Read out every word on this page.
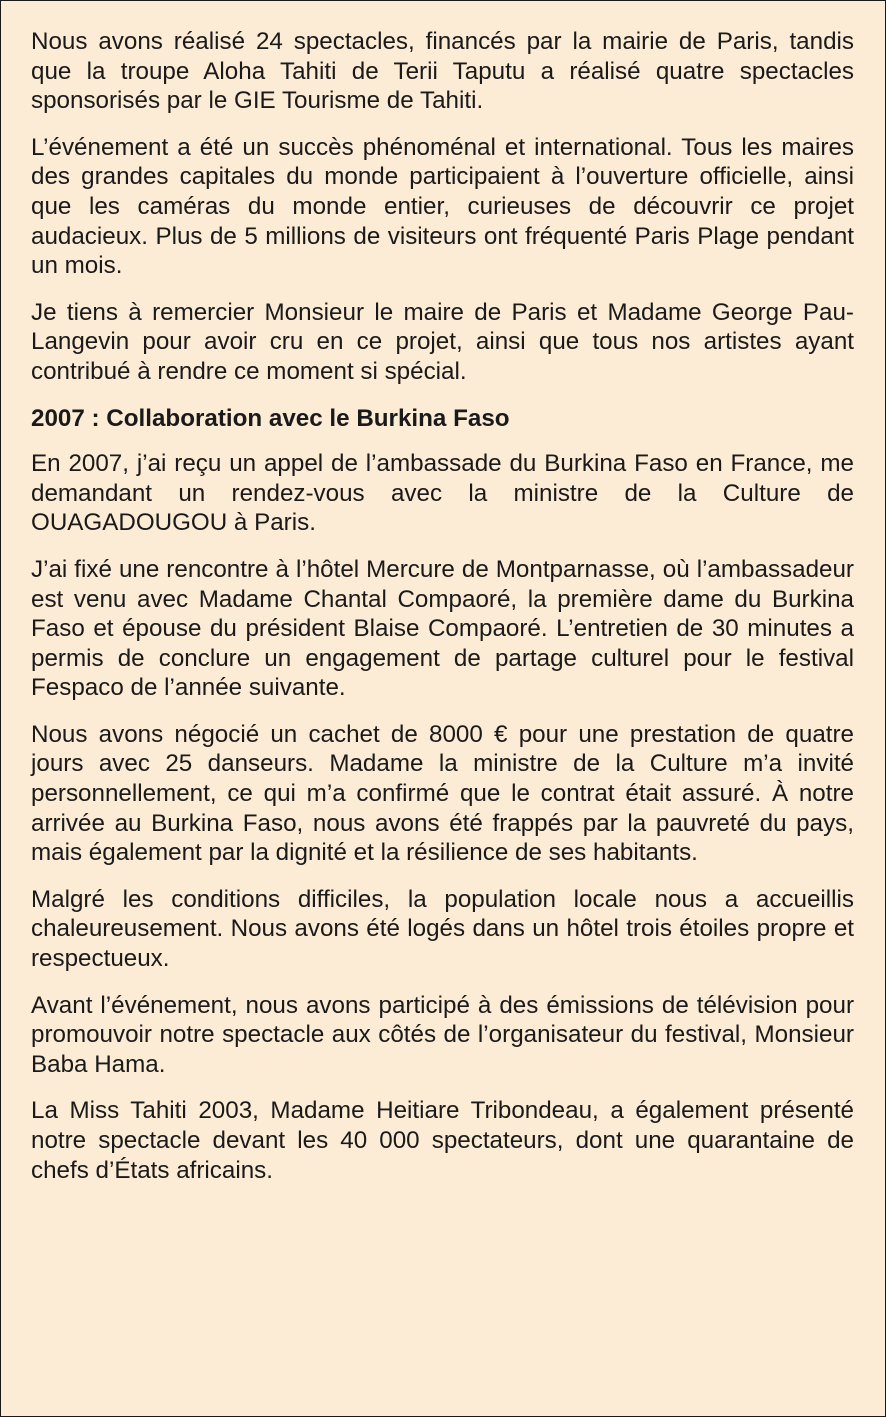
Nous avons réalisé 24 spectacles, financés par la mairie de Paris, tandis que la troupe Aloha Tahiti de Terii Taputu a réalisé quatre spectacles sponsorisés par le GIE Tourisme de Tahiti.

L’événement a été un succès phénoménal et international. Tous les maires des grandes capitales du monde participaient à l’ouverture officielle, ainsi que les caméras du monde entier, curieuses de découvrir ce projet audacieux. Plus de 5 millions de visiteurs ont fréquenté Paris Plage pendant un mois.

Je tiens à remercier Monsieur le maire de Paris et Madame George Pau-Langevin pour avoir cru en ce projet, ainsi que tous nos artistes ayant contribué à rendre ce moment si spécial.

2007 : Collaboration avec le Burkina Faso

En 2007, j’ai reçu un appel de l’ambassade du Burkina Faso en France, me demandant un rendez-vous avec la ministre de la Culture de OUAGADOUGOU à Paris.

J’ai fixé une rencontre à l’hôtel Mercure de Montparnasse, où l’ambassadeur est venu avec Madame Chantal Compaoré, la première dame du Burkina Faso et épouse du président Blaise Compaoré. L’entretien de 30 minutes a permis de conclure un engagement de partage culturel pour le festival Fespaco de l’année suivante.

Nous avons négocié un cachet de 8000 € pour une prestation de quatre jours avec 25 danseurs. Madame la ministre de la Culture m’a invité personnellement, ce qui m’a confirmé que le contrat était assuré. À notre arrivée au Burkina Faso, nous avons été frappés par la pauvreté du pays, mais également par la dignité et la résilience de ses habitants.

Malgré les conditions difficiles, la population locale nous a accueillis chaleureusement. Nous avons été logés dans un hôtel trois étoiles propre et respectueux.

Avant l’événement, nous avons participé à des émissions de télévision pour promouvoir notre spectacle aux côtés de l’organisateur du festival, Monsieur Baba Hama.

La Miss Tahiti 2003, Madame Heitiare Tribondeau, a également présenté notre spectacle devant les 40 000 spectateurs, dont une quarantaine de chefs d’États africains.
